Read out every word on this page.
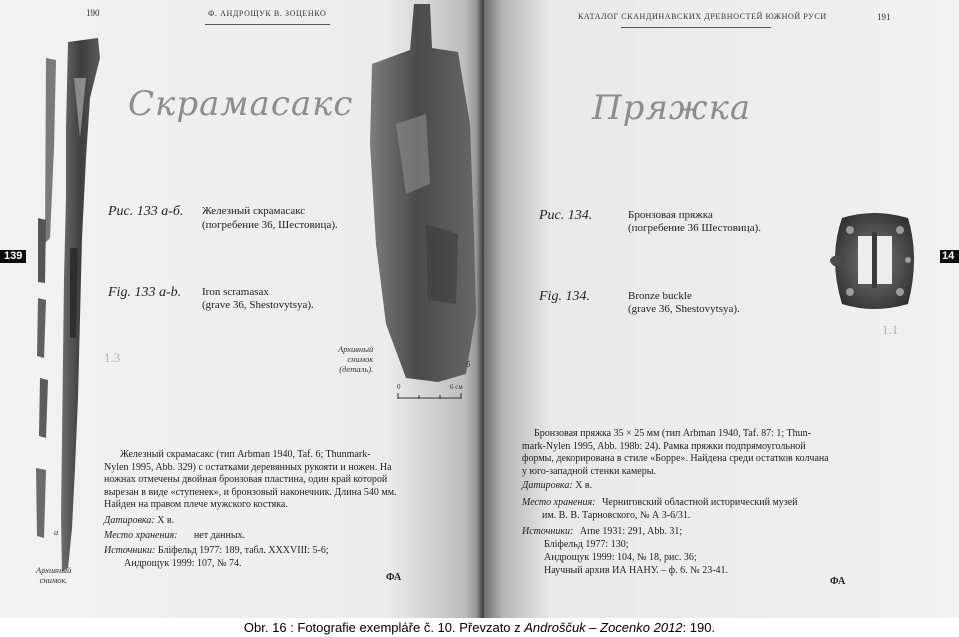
190	Ф. АНДРОЩУК В. ЗОЦЕНКО
Скрамасакс
Рис. 133 а-б. Железный скрамасакс
(погребение 36, Шестовица).
Fig. 133 a-b. Iron scramasax
(grave 36, Shestovytsya).
1.3
Архивный
снимок
(деталь).	б
0	6 см
Железный скрамасакс (тип Arbman 1940, Taf. 6; Thunmark-
Nylen 1995, Abb. 329) с остатками деревянных рукояти и ножен. На
ножнах отмечены двойная бронзовая пластина, один край которой
вырезан в виде «ступенек», и бронзовый наконечник. Длина 540 мм.
Найден на правом плече мужского костяка.
Датировка: X в.
Место хранения: нет данных.
Источники: Бліфельд 1977: 189, табл. XXXVIII: 5-6;
Андрощук 1999: 107, № 74.
а
Архивный
снимок.	ФА
139
КАТАЛОГ СКАНДИНАВСКИХ ДРЕВНОСТЕЙ ЮЖНОЙ РУСИ	191
Пряжка
Рис. 134.	Бронзовая пряжка
(погребение 36 Шестовица).
Fig. 134.	Bronze buckle
(grave 36, Shestovytsya).
1.1
Бронзовая пряжка 35 × 25 мм (тип Arbman 1940, Taf. 87: 1; Thun-
mark-Nylen 1995, Abb. 198b: 24). Рамка пряжки подпрямоугольной
формы, декорирована в стиле «Борре». Найдена среди остатков колчана
у юго-западной стенки камеры.
Датировка: X в.
Место хранения: Черниговский областной исторический музей
им. В. В. Тарновского, № А 3-6/31.
Источники: Arne 1931: 291, Abb. 31;
Бліфельд 1977: 130;
Андрощук 1999: 104, № 18, рис. 36;
Научный архив ИА НАНУ. – ф. 6. № 23-41.
ФА
14
Obr. 16 : Fotografie exempláře č. 10. Převzato z Androščuk – Zocenko 2012: 190.
